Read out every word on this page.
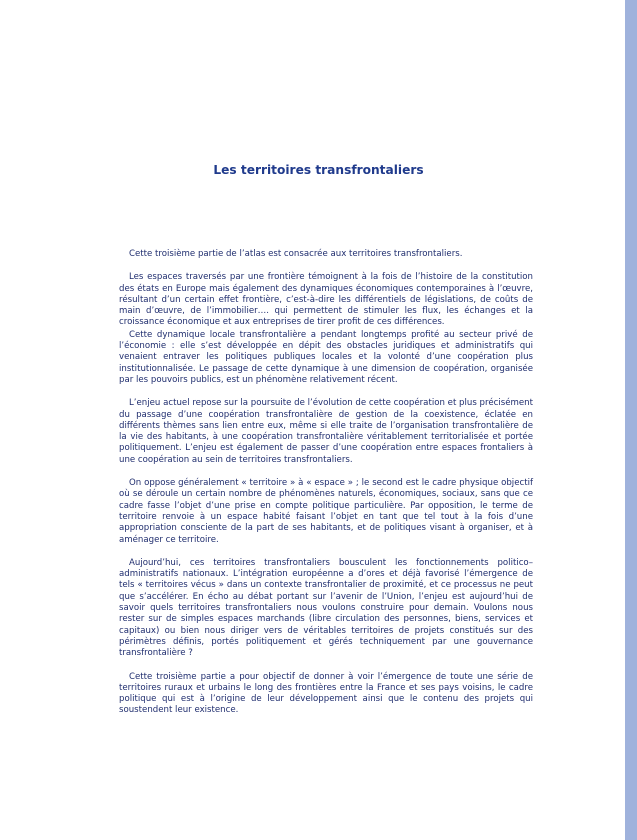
Les territoires transfrontaliers

Cette troisième partie de l’atlas est consacrée aux territoires transfrontaliers.

Les espaces traversés par une frontière témoignent à la fois de l’histoire de la constitution des états en Europe mais également des dynamiques économiques contemporaines à l’œuvre, résultant d’un certain effet frontière, c’est-à-dire les différentiels de législations, de coûts de main d’œuvre, de l’immobilier…. qui permettent de stimuler les flux, les échanges et la croissance économique et aux entreprises de tirer profit de ces différences.

Cette dynamique locale transfrontalière a pendant longtemps profité au secteur privé de l’économie : elle s’est développée en dépit des obstacles juridiques et administratifs qui venaient entraver les politiques publiques locales et la volonté d’une coopération plus institutionnalisée. Le passage de cette dynamique à une dimension de coopération, organisée par les pouvoirs publics, est un phénomène relativement récent.

L’enjeu actuel repose sur la poursuite de l’évolution de cette coopération et plus précisément du passage d’une coopération transfrontalière de gestion de la coexistence, éclatée en différents thèmes sans lien entre eux, même si elle traite de l’organisation transfrontalière de la vie des habitants, à une coopération transfrontalière véritablement territorialisée et portée politiquement. L’enjeu est également de passer d’une coopération entre espaces frontaliers à une coopération au sein de territoires transfrontaliers.

On oppose généralement « territoire » à « espace » ; le second est le cadre physique objectif où se déroule un certain nombre de phénomènes naturels, économiques, sociaux, sans que ce cadre fasse l’objet d’une prise en compte politique particulière. Par opposition, le terme de territoire renvoie à un espace habité faisant l’objet en tant que tel tout à la fois d’une appropriation consciente de la part de ses habitants, et de politiques visant à organiser, et à aménager ce territoire.

Aujourd’hui, ces territoires transfrontaliers bousculent les fonctionnements politico–administratifs nationaux. L’intégration européenne a d’ores et déjà favorisé l’émergence de tels « territoires vécus » dans un contexte transfrontalier de proximité, et ce processus ne peut que s’accélérer. En écho au débat portant sur l’avenir de l’Union, l’enjeu est aujourd’hui de savoir quels territoires transfrontaliers nous voulons construire pour demain. Voulons nous rester sur de simples espaces marchands (libre circulation des personnes, biens, services et capitaux) ou bien nous diriger vers de véritables territoires de projets constitués sur des périmètres définis, portés politiquement et gérés techniquement par une gouvernance transfrontalière ?

Cette troisième partie a pour objectif de donner à voir l’émergence de toute une série de territoires ruraux et urbains le long des frontières entre la France et ses pays voisins, le cadre politique qui est à l’origine de leur développement ainsi que le contenu des projets qui soustendent leur existence.
